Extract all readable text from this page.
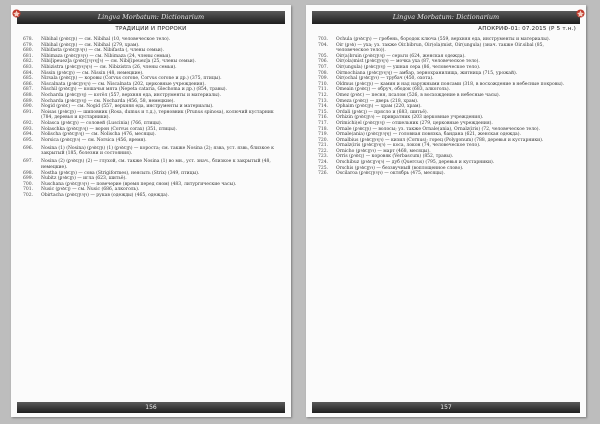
Lingva Morbatum: Dictionarium
ТРАДИЦИИ И ПРОРОКИ
678. Nibihal (ꝑꝛꝺꞇꞁꞃ) — см. Nibihal (10, человеческое тело).
679. Nibihal (ꝑꝛꝺꞇꞁꞃ) — см. Nibihal (279, храм).
680. Nibifasta (ꝑꝛꝺꞇꞁꞃꝛꞁꝛ) — см. Nibifasta (, члены семьи).
681. Nibimaza (ꝑꝛꝺꞇꞁꞃꝛꞁꝛ) — см. Nibimaza (24, члены семьи).
682. Nibi[ipeuez]a (ꝑꝛꝺꞇ[ꞁꝛꞁꝛꝛꞁ]ꝛ) — см. Nibi[ipeuez]a (25, члены семьи).
683. Nibizistra (ꝑꝛꝺꞇꞁꞃꝛꞁꝛꞁꝛ) — см. Nibizistra (26, члены семьи).
684. Nissin (ꝑꝛꝺꞇꞁꞃ) — см. Nissin (48, немецкие).
685. Nirsala (ꝑꝛꝺꞇꞁꞃ) — коровы (Corvus corone, Corvus corone и др.) (375, птицы).
686. Niscalnata (ꝑꝛꝺꞇꞁꞃꝛꞁꝛ) — см. Niscalnata (202, церковные учреждения).
687. Nischil (ꝑꝛꝺꞇꞁꞃ) — кошачья мята (Nepeta cataria, Glechoma и др.) (854, травы).
688. Nocharda (ꝑꝛꝺꞇꞁꞃꝛꞁ) — котёл (557, верхняя еда, инструменты и материалы).
689. Nocharda (ꝑꝛꝺꞇꞁꞃꝛꞁ) — см. Nocharda (456, 58, немецкие).
690. Nogid (ꝑꝛꝺꞇ) — см. Nogid (557, верхняя еда, инструменты и материалы).
691. Noisas (ꝑꝛꝺꞇꞁꞃ) — шиповник (Rosa, dumus и т.д.), терновник (Prunus spinosa), колючий кустарник (784, деревья и кустарники).
692. Nolasca (ꝑꝛꝺꞇꞁꞃ) — соловей (Luscinia) (766, птицы).
693. Nolaschka (ꝑꝛꝺꞇꞁꞃꝛꞁ) — ворон (Corvus corax) (351, птицы).
694. Nolischa (ꝑꝛꝺꞇꞁꞃꝛꞁ) — см. Nolischa (476, месяцы).
695. Norsica (ꝑꝛꝺꞇꞁꞃꝛ) — см. Norsica (456, время).
696. Nosina (1) (Nosina) (ꝑꝛꝺꞇꞁꞃ) (1) (ꝑꝛꝺꞇꞁꞃ) — короста; см. также Nosina (2); язва, уст. язвь, близкое к закрытый (185, болезни и состояния).
697. Nosina (2) (ꝑꝛꝺꞇꞁꞃ) (2) — глухой, см. также Nosina (1) во мн., уст. знач., близкое к закрытый (48, немецкие).
698. Nostha (ꝑꝛꝺꞇꞁꞃ) — сова (Strigiformes), неясыть (Strix) (349, птицы).
699. Nubitz (ꝑꝛꝺꞇꞁꞃ) — игла (623, шитьё).
700. Nuschana (ꝑꝛꝺꞇꞁꞃꝛꞁꝛ) — повечерие (время перед сном) (483, литургические часы).
701. Nusic (ꝑꝛꝺꞇꞁ) — см. Nusic (686, алкоголь).
702. Obirtacha (ꝑꝛꝺꞇꞁꞃꝛꞁꝛ) — рукав (одежды) (465, одежда).
156
Lingva Morbatum: Dictionarium
АПОКРИФ-01: 07.2015 (Р 5 т.н.)
703. Ochula (ꝑꝛꝺꞇꞁꞃ) — гребень, бородок ключа (559, верхняя еда, инструменты и материалы).
704. Oir (ꝑꝛꝺ) — уха; уз. также Oir.bibrun, Oir(ola)mist, Oir(ungula) (знач. также Oir.sibal (85, человеческое тело)).
705. Oir(a)bruin (ꝑꝛꝺꞇꞁꞃꝛꞁ) — серьги (624, женская одежда).
706. Oir(ola)mist (ꝑꝛꝺꞇꞁꞃꝛꞁꝛ) — мочка уха (87, человеческое тело).
707. Oir(ungula) (ꝑꝛꝺꞇꞁꞃꝛꞁ) — ушная сера (86, человеческое тело).
708. Oirmochiana (ꝑꝛꝺꞇꞁꞃꝛꞁꝛꞁ) — амбар, зернохранилища, житница (715, урожай).
709. Oir(ochal (ꝑꝛꝺꞇꞁꞃꝛ) — трубач (450, охота).
710. Oldmus (ꝑꝛꝺꞇꞁꞃ) — камин и над наружными поясами (318, в восхождение в небесные покровы).
711. Omeain (ꝑꝛꝺꞇꞁ) — обруч, ободок (683, алкоголь).
712. Omez (ꝑꝛꝺꞇ) — песня, псалом (526, в восхождение в небесные часы).
713. Omeza (ꝑꝛꝺꞇꞁ) — дверь (218, храм).
714. Ophaim (ꝑꝛꝺꞇꞁꞃ) — храм (220, храм).
715. Ordali (ꝑꝛꝺꞇꞁ) — прясло и (683, шитьё).
716. Orhizin (ꝑꝛꝺꞇꞁꞃꝛ) — привратник (203 церковные учреждения).
717. Orimichi(el (ꝑꝛꝺꞇꞁꞃꝛꞁ) — отшельник (279, церковные учреждения).
718. Ornale (ꝑꝛꝺꞇꞁꞃ) — волосы; уз. также Ornale(ania), Ornalz(iris) (72, человеческое тело).
719. Ornale(ania) (ꝑꝛꝺꞇꞁꞃꝛꞁꝛꞁ) — головная повязка, бандана (621, женская одежда).
720. Ornalbius (ꝑꝛꝺꞇꞁꞃꝛꞁꝛ) — кизил (Cornus); горец (Polygonum) (788, деревья и кустарники).
721. Ornalz(iris (ꝑꝛꝺꞇꞁꞃꝛꞁꝛ) — коса, локон (74, человеческое тело).
722. Ornicho (ꝑꝛꝺꞇꞁꞃꝛ) — март (468, месяцы).
723. Orris (ꝑꝛꝺꞇꞁ) — коровяк (Verbascum) (852, травы).
724. Orschibuz (ꝑꝛꝺꞇꞁꞃꝛꞁꝛ) — дуб (Quercus) (795, деревья и кустарники).
725. Orschis (ꝑꝛꝺꞇꞁꞃꝛ) — беззвучный (воплощенное слово).
726. Oscilaroa (ꝑꝛꝺꞇꞁꞃꝛꞁꝛ) — октябрь (475, месяцы).
157
